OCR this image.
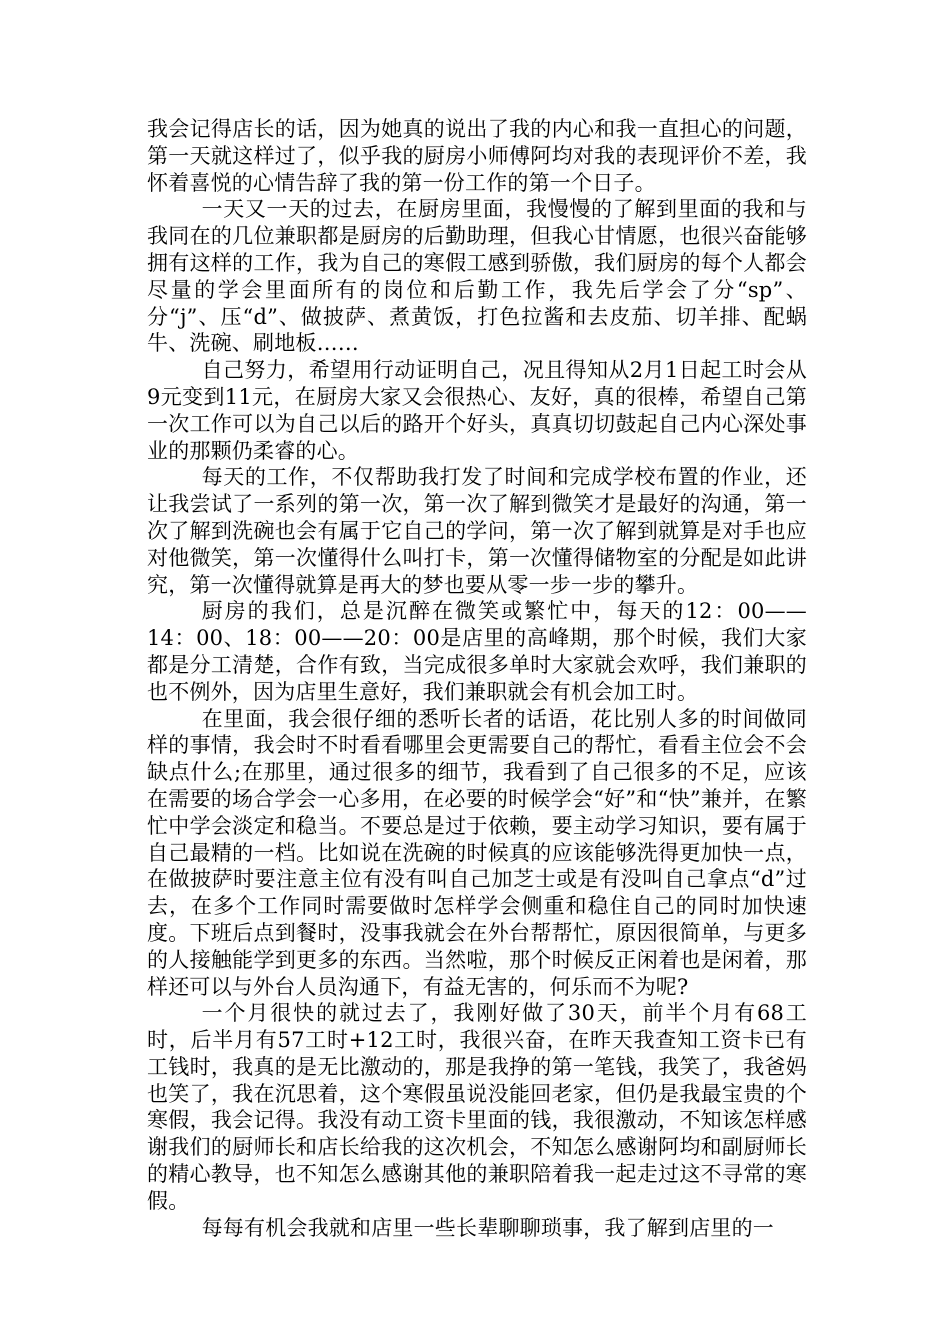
我会记得店长的话，因为她真的说出了我的内心和我一直担心的问题，第一天就这样过了，似乎我的厨房小师傅阿均对我的表现评价不差，我怀着喜悦的心情告辞了我的第一份工作的第一个日子。

一天又一天的过去，在厨房里面，我慢慢的了解到里面的我和与我同在的几位兼职都是厨房的后勤助理，但我心甘情愿，也很兴奋能够拥有这样的工作，我为自己的寒假工感到骄傲，我们厨房的每个人都会尽量的学会里面所有的岗位和后勤工作，我先后学会了分“sp”、分“j”、压“d”、做披萨、煮黄饭，打色拉酱和去皮茄、切羊排、配蜗牛、洗碗、刷地板……

自己努力，希望用行动证明自己，况且得知从2月1日起工时会从9元变到11元，在厨房大家又会很热心、友好，真的很棒，希望自己第一次工作可以为自己以后的路开个好头，真真切切鼓起自己内心深处事业的那颗仍柔睿的心。

每天的工作，不仅帮助我打发了时间和完成学校布置的作业，还让我尝试了一系列的第一次，第一次了解到微笑才是最好的沟通，第一次了解到洗碗也会有属于它自己的学问，第一次了解到就算是对手也应对他微笑，第一次懂得什么叫打卡，第一次懂得储物室的分配是如此讲究，第一次懂得就算是再大的梦也要从零一步一步的攀升。

厨房的我们，总是沉醉在微笑或繁忙中，每天的12：00——14：00、18：00——20：00是店里的高峰期，那个时候，我们大家都是分工清楚，合作有致，当完成很多单时大家就会欢呼，我们兼职的也不例外，因为店里生意好，我们兼职就会有机会加工时。

在里面，我会很仔细的悉听长者的话语，花比别人多的时间做同样的事情，我会时不时看看哪里会更需要自己的帮忙，看看主位会不会缺点什么;在那里，通过很多的细节，我看到了自己很多的不足，应该在需要的场合学会一心多用，在必要的时候学会“好”和“快”兼并，在繁忙中学会淡定和稳当。不要总是过于依赖，要主动学习知识，要有属于自己最精的一档。比如说在洗碗的时候真的应该能够洗得更加快一点，在做披萨时要注意主位有没有叫自己加芝士或是有没叫自己拿点“d”过去，在多个工作同时需要做时怎样学会侧重和稳住自己的同时加快速度。下班后点到餐时，没事我就会在外台帮帮忙，原因很简单，与更多的人接触能学到更多的东西。当然啦，那个时候反正闲着也是闲着，那样还可以与外台人员沟通下，有益无害的，何乐而不为呢?

一个月很快的就过去了，我刚好做了30天，前半个月有68工时，后半月有57工时+12工时，我很兴奋，在昨天我查知工资卡已有工钱时，我真的是无比激动的，那是我挣的第一笔钱，我笑了，我爸妈也笑了，我在沉思着，这个寒假虽说没能回老家，但仍是我最宝贵的个寒假，我会记得。我没有动工资卡里面的钱，我很激动，不知该怎样感谢我们的厨师长和店长给我的这次机会，不知怎么感谢阿均和副厨师长的精心教导，也不知怎么感谢其他的兼职陪着我一起走过这不寻常的寒假。

每每有机会我就和店里一些长辈聊聊琐事，我了解到店里的一
